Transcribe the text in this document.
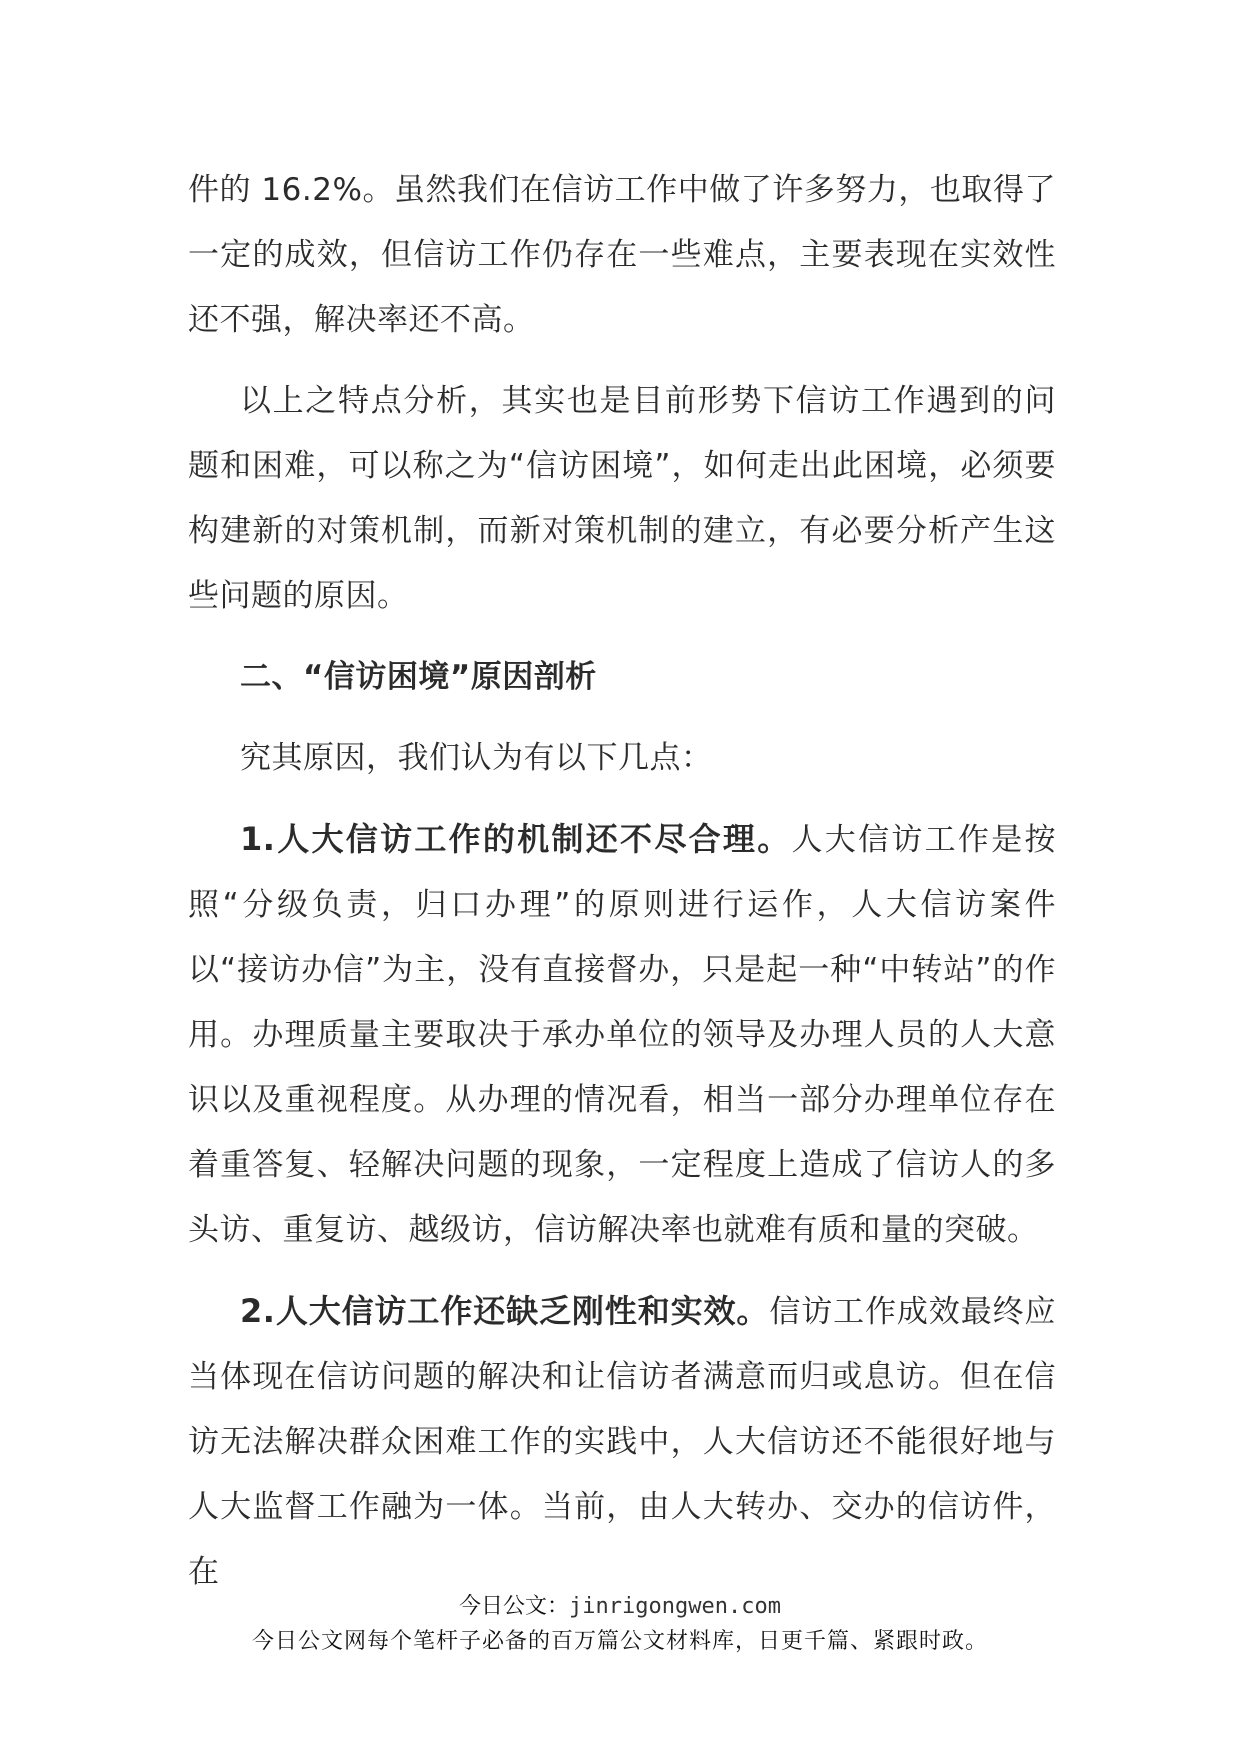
件的 16.2%。虽然我们在信访工作中做了许多努力，也取得了一定的成效，但信访工作仍存在一些难点，主要表现在实效性还不强，解决率还不高。

以上之特点分析，其实也是目前形势下信访工作遇到的问题和困难，可以称之为“信访困境”，如何走出此困境，必须要构建新的对策机制，而新对策机制的建立，有必要分析产生这些问题的原因。

二、“信访困境”原因剖析

究其原因，我们认为有以下几点：

1.人大信访工作的机制还不尽合理。人大信访工作是按照“分级负责，归口办理”的原则进行运作，人大信访案件以“接访办信”为主，没有直接督办，只是起一种“中转站”的作用。办理质量主要取决于承办单位的领导及办理人员的人大意识以及重视程度。从办理的情况看，相当一部分办理单位存在着重答复、轻解决问题的现象，一定程度上造成了信访人的多头访、重复访、越级访，信访解决率也就难有质和量的突破。

2.人大信访工作还缺乏刚性和实效。信访工作成效最终应当体现在信访问题的解决和让信访者满意而归或息访。但在信访无法解决群众困难工作的实践中，人大信访还不能很好地与人大监督工作融为一体。当前，由人大转办、交办的信访件，在

今日公文：jinrigongwen.com
今日公文网每个笔杆子必备的百万篇公文材料库，日更千篇、紧跟时政。
